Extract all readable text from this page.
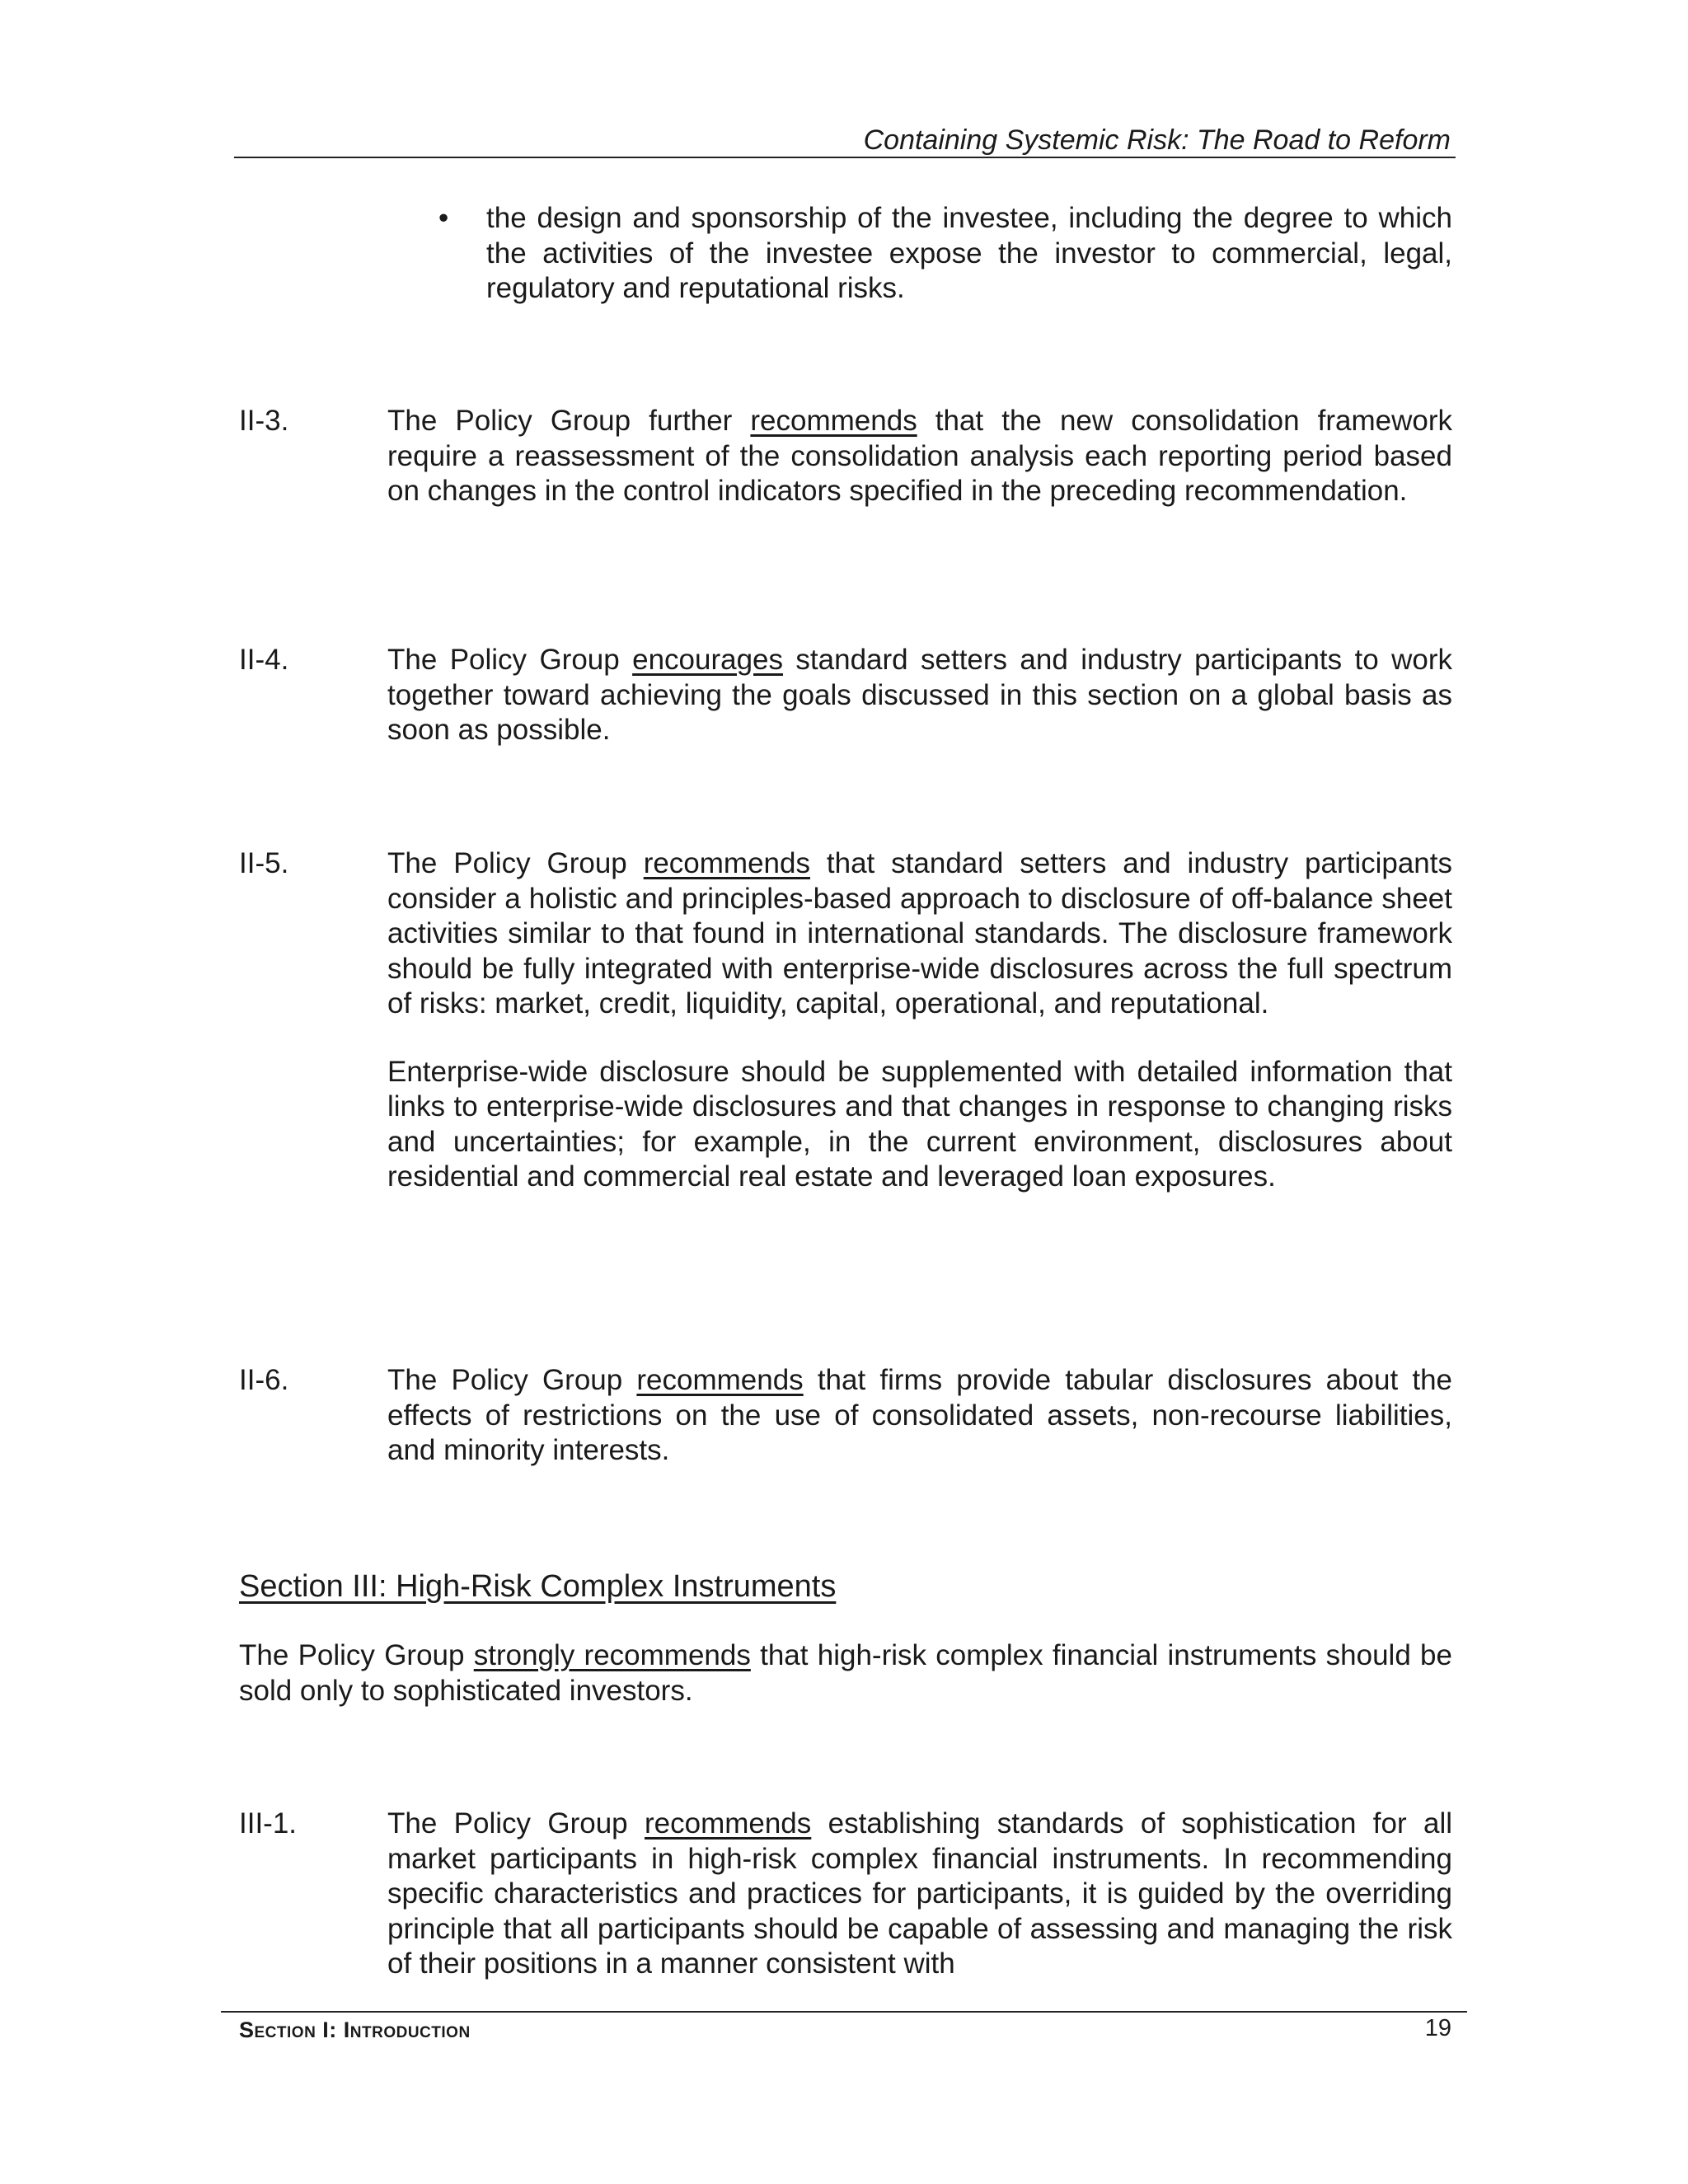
Containing Systemic Risk: The Road to Reform
• the design and sponsorship of the investee, including the degree to which the activities of the investee expose the investor to commercial, legal, regulatory and reputational risks.
II-3.	The Policy Group further recommends that the new consolidation framework require a reassessment of the consolidation analysis each reporting period based on changes in the control indicators specified in the preceding recommendation.

II-4.	The Policy Group encourages standard setters and industry participants to work together toward achieving the goals discussed in this section on a global basis as soon as possible.

II-5.	The Policy Group recommends that standard setters and industry participants consider a holistic and principles-based approach to disclosure of off-balance sheet activities similar to that found in international standards. The disclosure framework should be fully integrated with enterprise-wide disclosures across the full spectrum of risks: market, credit, liquidity, capital, operational, and reputational.

Enterprise-wide disclosure should be supplemented with detailed information that links to enterprise-wide disclosures and that changes in response to changing risks and uncertainties; for example, in the current environment, disclosures about residential and commercial real estate and leveraged loan exposures.

II-6.	The Policy Group recommends that firms provide tabular disclosures about the effects of restrictions on the use of consolidated assets, non-recourse liabilities, and minority interests.

Section III: High-Risk Complex Instruments

The Policy Group strongly recommends that high-risk complex financial instruments should be sold only to sophisticated investors.

III-1.	The Policy Group recommends establishing standards of sophistication for all market participants in high-risk complex financial instruments. In recommending specific characteristics and practices for participants, it is guided by the overriding principle that all participants should be capable of assessing and managing the risk of their positions in a manner consistent with

Section I: Introduction	19
